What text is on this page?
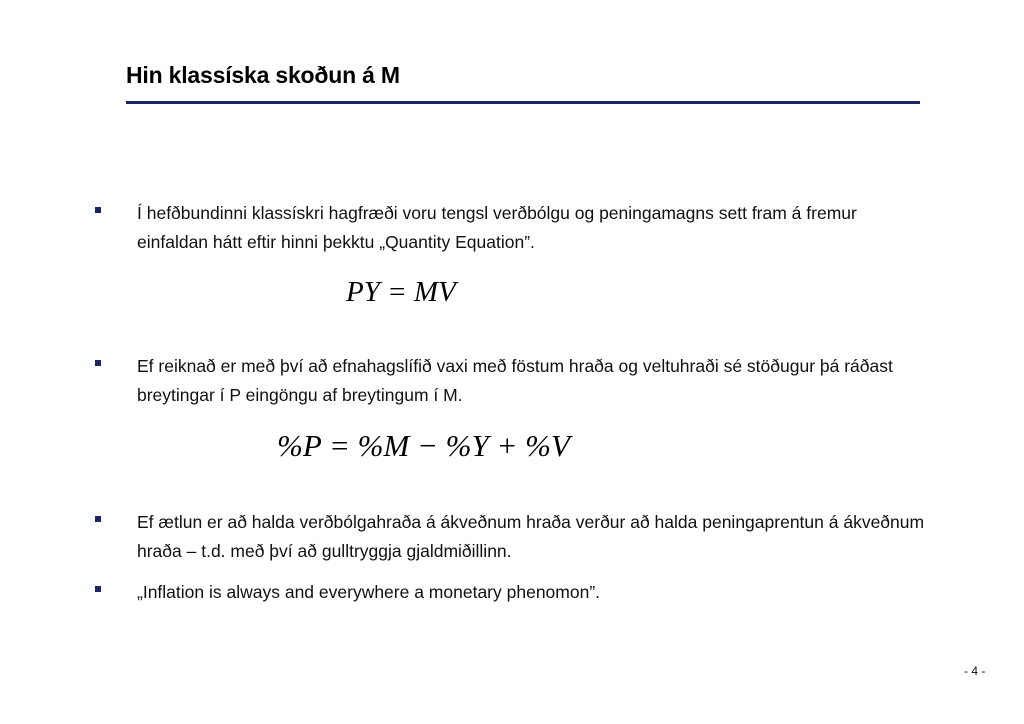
Hin klassíska skoðun á M
Í hefðbundinni klassískri hagfræði voru tengsl verðbólgu og peningamagns sett fram á fremur einfaldan hátt eftir hinni þekktu „Quantity Equation”.
PY = MV
Ef reiknað er með því að efnahagslífið vaxi með föstum hraða og veltuhraði sé stöðugur þá ráðast breytingar í P eingöngu af breytingum í M.
%P = %M − %Y + %V
Ef ætlun er að halda verðbólgahraða á ákveðnum hraða verður að halda peningaprentun á ákveðnum hraða – t.d. með því að gulltryggja gjaldmiðillinn.
„Inflation is always and everywhere a monetary phenomon”.
- 4 -
